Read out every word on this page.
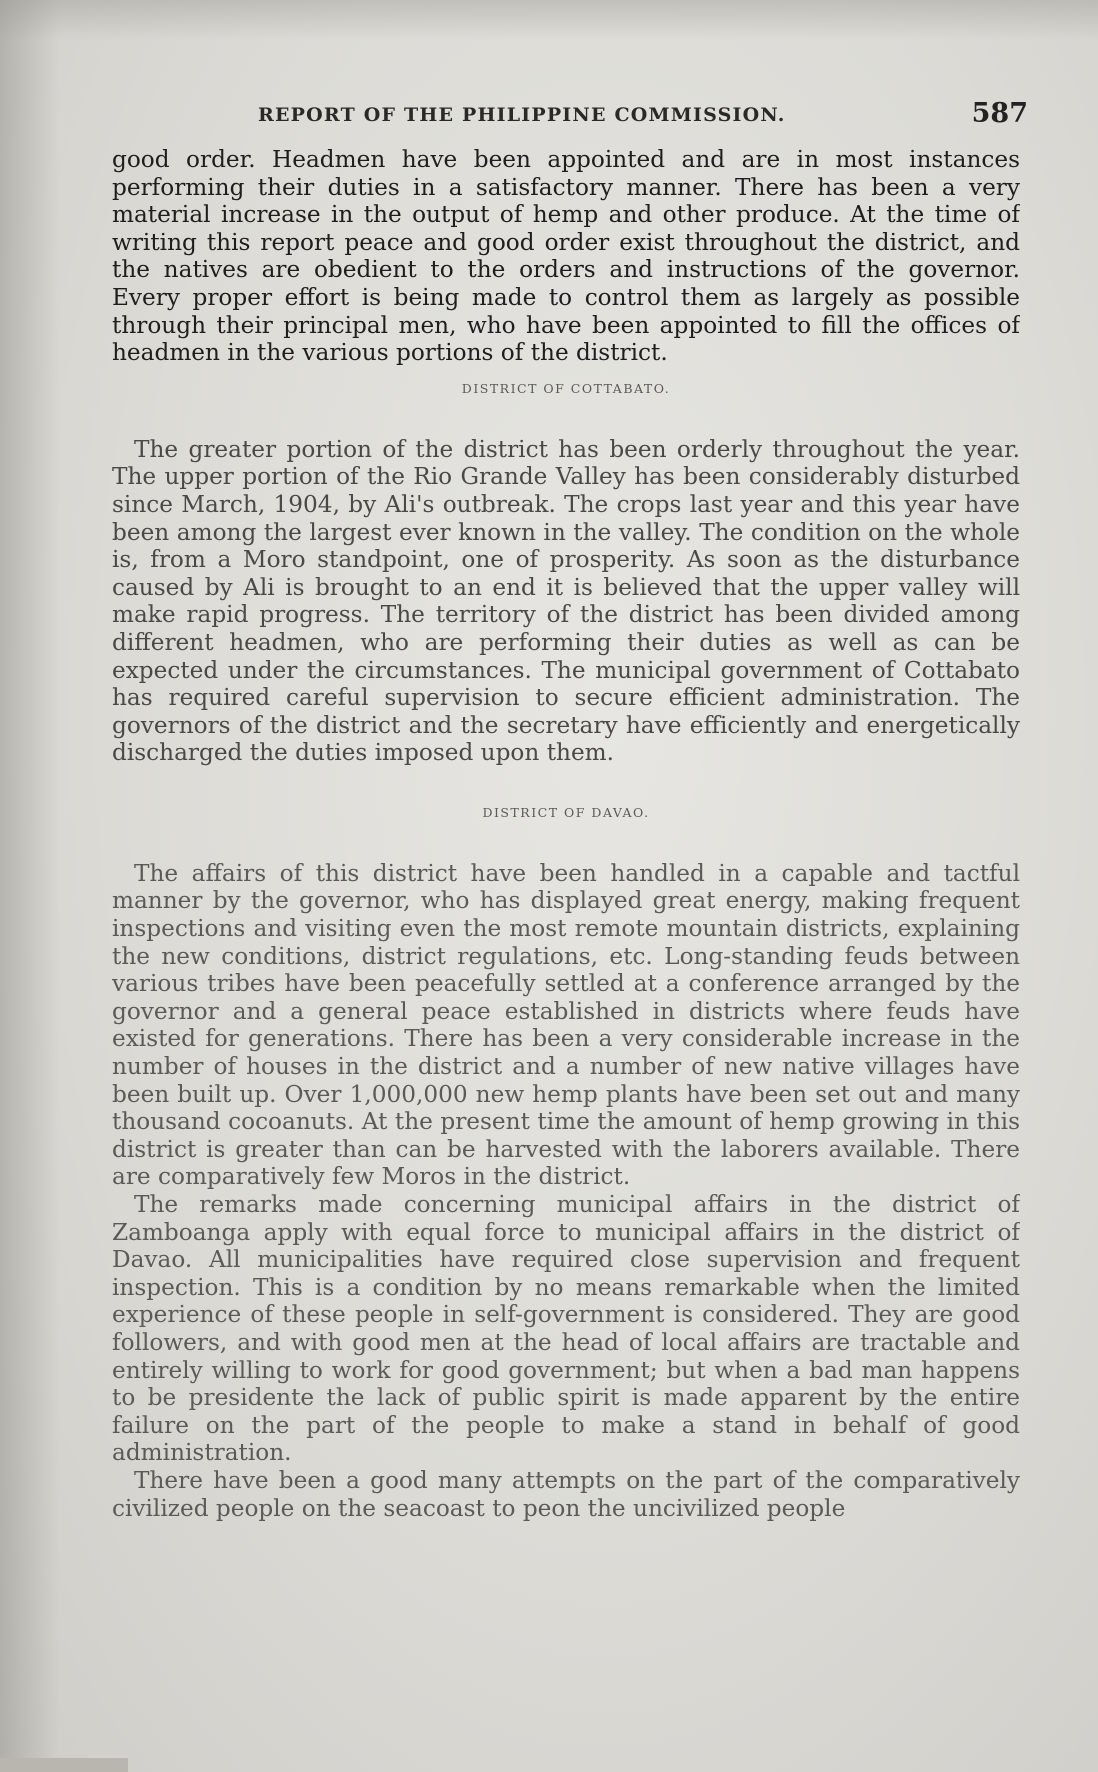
REPORT OF THE PHILIPPINE COMMISSION.	587

good order. Headmen have been appointed and are in most instances performing their duties in a satisfactory manner. There has been a very material increase in the output of hemp and other produce. At the time of writing this report peace and good order exist throughout the district, and the natives are obedient to the orders and instructions of the governor. Every proper effort is being made to control them as largely as possible through their principal men, who have been appointed to fill the offices of headmen in the various portions of the district.

DISTRICT OF COTTABATO.

The greater portion of the district has been orderly throughout the year. The upper portion of the Rio Grande Valley has been considerably disturbed since March, 1904, by Ali's outbreak. The crops last year and this year have been among the largest ever known in the valley. The condition on the whole is, from a Moro standpoint, one of prosperity. As soon as the disturbance caused by Ali is brought to an end it is believed that the upper valley will make rapid progress. The territory of the district has been divided among different headmen, who are performing their duties as well as can be expected under the circumstances. The municipal government of Cottabato has required careful supervision to secure efficient administration. The governors of the district and the secretary have efficiently and energetically discharged the duties imposed upon them.

DISTRICT OF DAVAO.

The affairs of this district have been handled in a capable and tactful manner by the governor, who has displayed great energy, making frequent inspections and visiting even the most remote mountain districts, explaining the new conditions, district regulations, etc. Long-standing feuds between various tribes have been peacefully settled at a conference arranged by the governor and a general peace established in districts where feuds have existed for generations. There has been a very considerable increase in the number of houses in the district and a number of new native villages have been built up. Over 1,000,000 new hemp plants have been set out and many thousand cocoanuts. At the present time the amount of hemp growing in this district is greater than can be harvested with the laborers available. There are comparatively few Moros in the district.

The remarks made concerning municipal affairs in the district of Zamboanga apply with equal force to municipal affairs in the district of Davao. All municipalities have required close supervision and frequent inspection. This is a condition by no means remarkable when the limited experience of these people in self-government is considered. They are good followers, and with good men at the head of local affairs are tractable and entirely willing to work for good government; but when a bad man happens to be presidente the lack of public spirit is made apparent by the entire failure on the part of the people to make a stand in behalf of good administration.

There have been a good many attempts on the part of the comparatively civilized people on the seacoast to peon the uncivilized people
